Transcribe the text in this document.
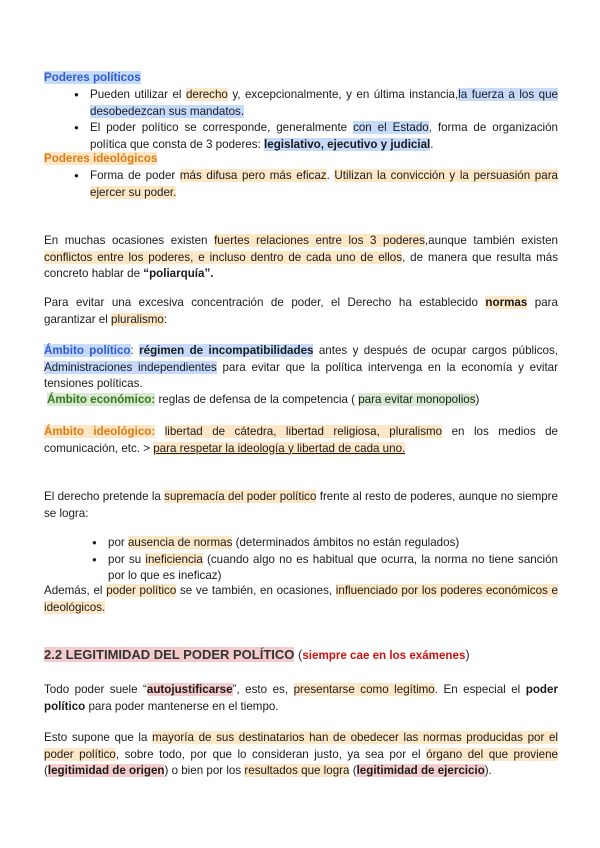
Poderes políticos
● Pueden utilizar el derecho y, excepcionalmente, y en última instancia,la fuerza a los que desobedezcan sus mandatos.
● El poder político se corresponde, generalmente con el Estado, forma de organización política que consta de 3 poderes: legislativo, ejecutivo y judicial.
Poderes ideológicos
● Forma de poder más difusa pero más eficaz. Utilizan la convicción y la persuasión para ejercer su poder.

En muchas ocasiones existen fuertes relaciones entre los 3 poderes,aunque también existen conflictos entre los poderes, e incluso dentro de cada uno de ellos, de manera que resulta más concreto hablar de “poliarquía”.

Para evitar una excesiva concentración de poder, el Derecho ha establecido normas para garantizar el pluralismo:

Ámbito político: régimen de incompatibilidades antes y después de ocupar cargos públicos, Administraciones independientes para evitar que la política intervenga en la economía y evitar tensiones políticas.

Ámbito económico: reglas de defensa de la competencia ( para evitar monopolios)

Ámbito ideológico: libertad de cátedra, libertad religiosa, pluralismo en los medios de comunicación, etc. > para respetar la ideología y libertad de cada uno.

El derecho pretende la supremacía del poder político frente al resto de poderes, aunque no siempre se logra:

● por ausencia de normas (determinados ámbitos no están regulados)
● por su ineficiencia (cuando algo no es habitual que ocurra, la norma no tiene sanción por lo que es ineficaz)

Además, el poder político se ve también, en ocasiones, influenciado por los poderes económicos e ideológicos.

2.2 LEGITIMIDAD DEL PODER POLÍTICO (siempre cae en los exámenes)

Todo poder suele “autojustificarse”, esto es, presentarse como legítimo. En especial el poder político para poder mantenerse en el tiempo.

Esto supone que la mayoría de sus destinatarios han de obedecer las normas producidas por el poder político, sobre todo, por que lo consideran justo, ya sea por el órgano del que proviene (legitimidad de origen) o bien por los resultados que logra (legitimidad de ejercicio).
